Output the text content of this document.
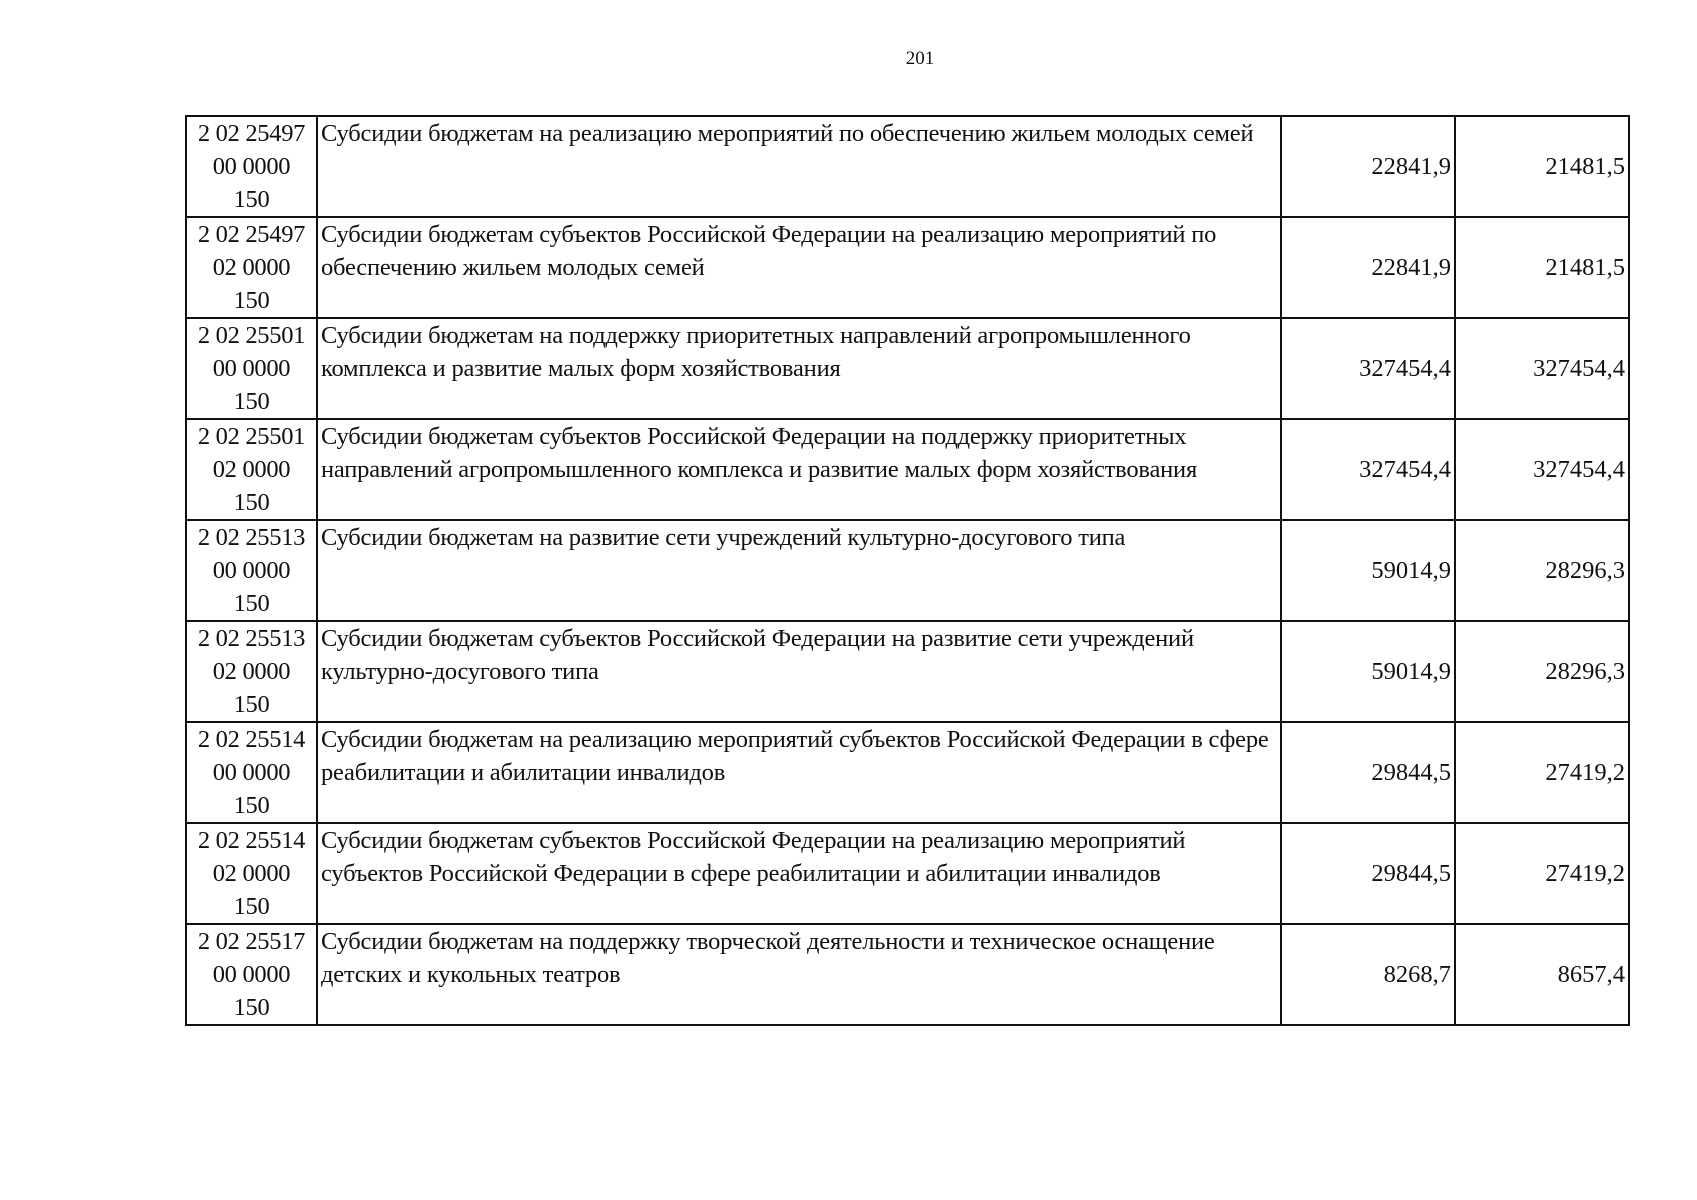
201
2 02 25497
00 0000
150	Субсидии бюджетам на реализацию мероприятий по обеспечению жильем молодых семей	22841,9	21481,5

2 02 25497
02 0000
150	Субсидии бюджетам субъектов Российской Федерации на реализацию мероприятий по обеспечению жильем молодых семей	22841,9	21481,5

2 02 25501
00 0000
150	Субсидии бюджетам на поддержку приоритетных направлений агропромышленного комплекса и развитие малых форм хозяйствования	327454,4	327454,4

2 02 25501
02 0000
150	Субсидии бюджетам субъектов Российской Федерации на поддержку приоритетных направлений агропромышленного комплекса и развитие малых форм хозяйствования	327454,4	327454,4

2 02 25513
00 0000
150	Субсидии бюджетам на развитие сети учреждений культурно-досугового типа	59014,9	28296,3

2 02 25513
02 0000
150	Субсидии бюджетам субъектов Российской Федерации на развитие сети учреждений культурно-досугового типа	59014,9	28296,3

2 02 25514
00 0000
150	Субсидии бюджетам на реализацию мероприятий субъектов Российской Федерации в сфере реабилитации и абилитации инвалидов	29844,5	27419,2

2 02 25514
02 0000
150	Субсидии бюджетам субъектов Российской Федерации на реализацию мероприятий субъектов Российской Федерации в сфере реабилитации и абилитации инвалидов	29844,5	27419,2

2 02 25517
00 0000
150	Субсидии бюджетам на поддержку творческой деятельности и техническое оснащение детских и кукольных театров	8268,7	8657,4
